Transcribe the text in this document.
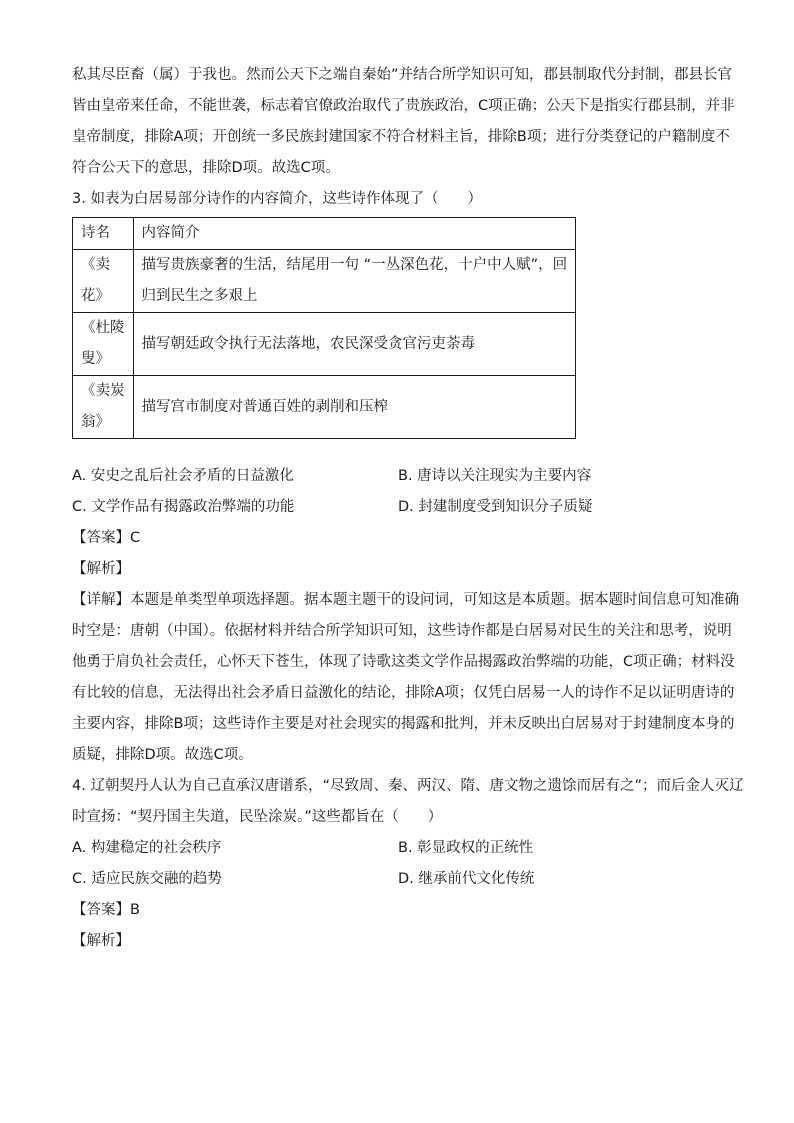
私其尽臣畜（属）于我也。然而公天下之端自秦始”并结合所学知识可知，郡县制取代分封制，郡县长官
皆由皇帝来任命，不能世袭，标志着官僚政治取代了贵族政治，C项正确；公天下是指实行郡县制，并非
皇帝制度，排除A项；开创统一多民族封建国家不符合材料主旨，排除B项；进行分类登记的户籍制度不
符合公天下的意思，排除D项。故选C项。
3. 如表为白居易部分诗作的内容简介，这些诗作体现了（　　）
诗名	内容简介

《卖
花》	描写贵族豪奢的生活，结尾用一句 “一丛深色花，十户中人赋”，回
归到民生之多艰上

《杜陵
叟》	描写朝廷政令执行无法落地，农民深受贪官污吏荼毒

《卖炭
翁》	描写宫市制度对普通百姓的剥削和压榨
A. 安史之乱后社会矛盾的日益激化	B. 唐诗以关注现实为主要内容
C. 文学作品有揭露政治弊端的功能	D. 封建制度受到知识分子质疑
【答案】C
【解析】
【详解】本题是单类型单项选择题。据本题主题干的设问词，可知这是本质题。据本题时间信息可知准确
时空是：唐朝（中国）。依据材料并结合所学知识可知，这些诗作都是白居易对民生的关注和思考，说明
他勇于肩负社会责任，心怀天下苍生，体现了诗歌这类文学作品揭露政治弊端的功能，C项正确；材料没
有比较的信息，无法得出社会矛盾日益激化的结论，排除A项；仅凭白居易一人的诗作不足以证明唐诗的
主要内容，排除B项；这些诗作主要是对社会现实的揭露和批判，并未反映出白居易对于封建制度本身的
质疑，排除D项。故选C项。
4. 辽朝契丹人认为自己直承汉唐谱系，“尽致周、秦、两汉、隋、唐文物之遗馀而居有之”；而后金人灭辽
时宣扬：“契丹国主失道，民坠涂炭。”这些都旨在（　　）
A. 构建稳定的社会秩序	B. 彰显政权的正统性
C. 适应民族交融的趋势	D. 继承前代文化传统
【答案】B
【解析】
